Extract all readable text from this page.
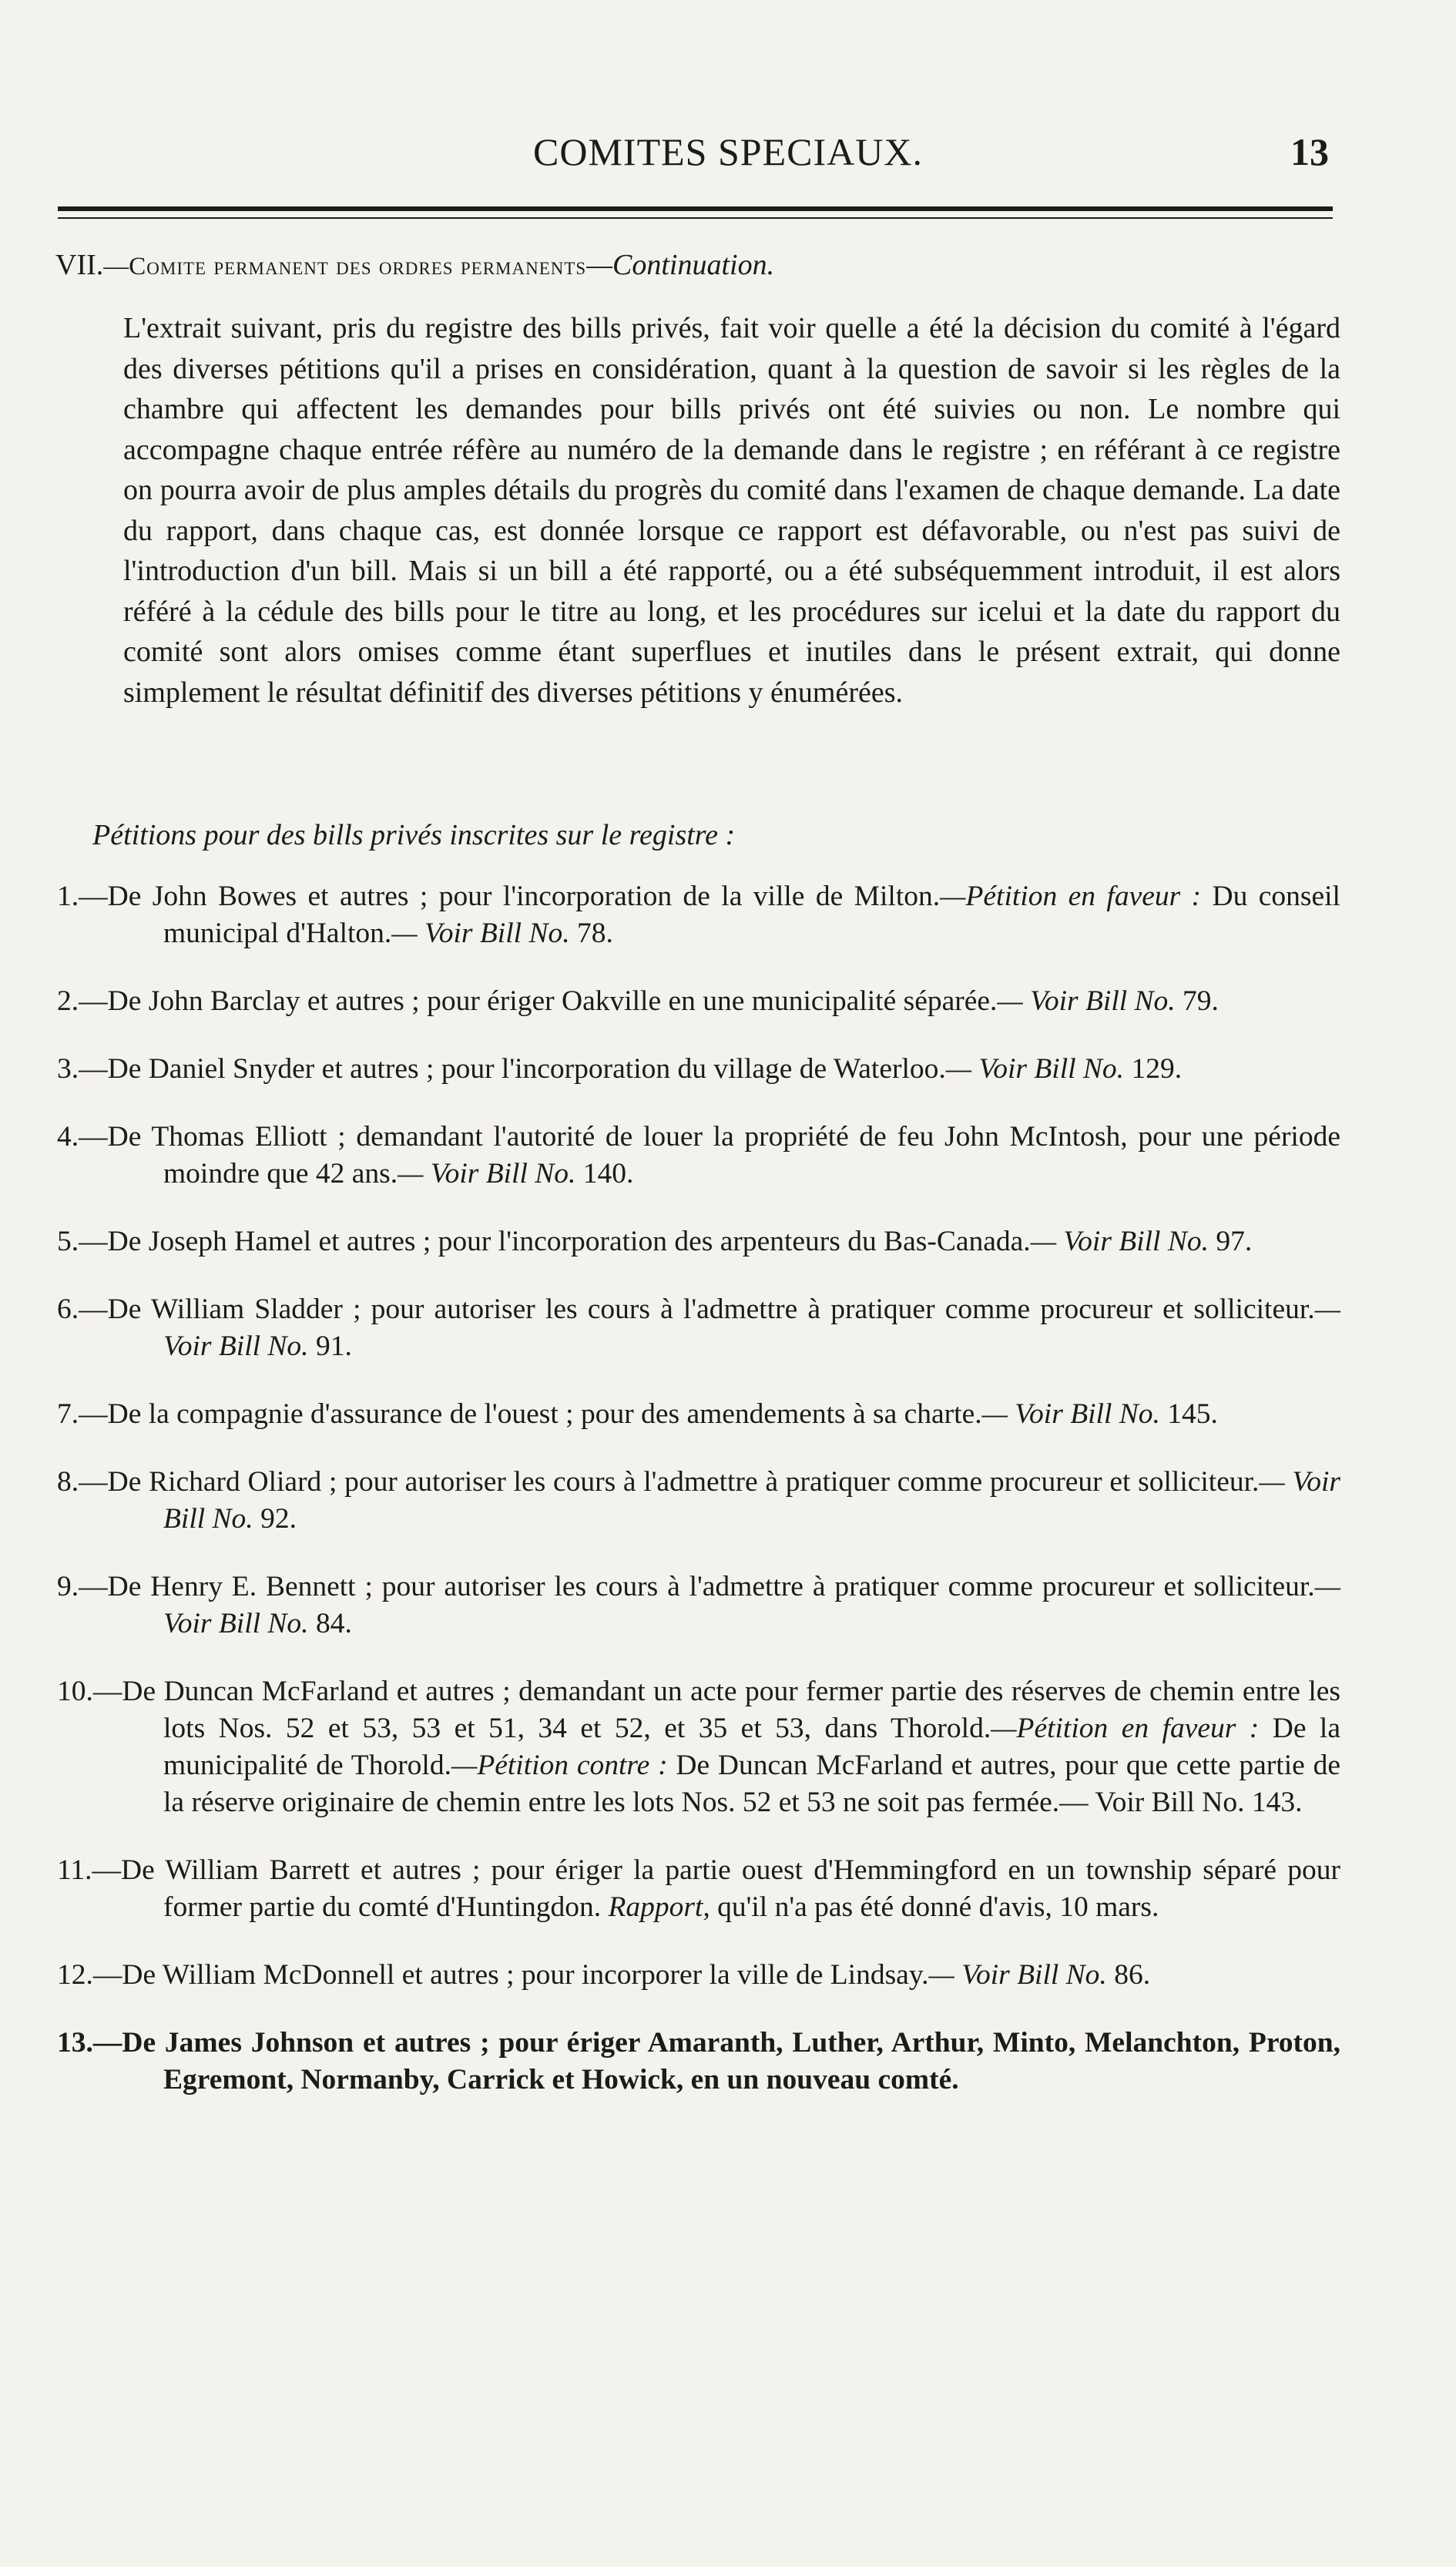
COMITES SPECIAUX.	13
VII.—Comite permanent des ordres permanents—Continuation.
L'extrait suivant, pris du registre des bills privés, fait voir quelle a été la décision du comité à l'égard des diverses pétitions qu'il a prises en considération, quant à la question de savoir si les règles de la chambre qui affectent les demandes pour bills privés ont été suivies ou non. Le nombre qui accompagne chaque entrée réfère au numéro de la demande dans le registre ; en référant à ce registre on pourra avoir de plus amples détails du progrès du comité dans l'examen de chaque demande. La date du rapport, dans chaque cas, est donnée lorsque ce rapport est défavorable, ou n'est pas suivi de l'introduction d'un bill. Mais si un bill a été rapporté, ou a été subséquemment introduit, il est alors référé à la cédule des bills pour le titre au long, et les procédures sur icelui et la date du rapport du comité sont alors omises comme étant superflues et inutiles dans le présent extrait, qui donne simplement le résultat définitif des diverses pétitions y énumérées.
Pétitions pour des bills privés inscrites sur le registre :
1.—De John Bowes et autres ; pour l'incorporation de la ville de Milton.—Pétition en faveur : Du conseil municipal d'Halton.— Voir Bill No. 78.
2.—De John Barclay et autres ; pour ériger Oakville en une municipalité séparée.— Voir Bill No. 79.
3.—De Daniel Snyder et autres ; pour l'incorporation du village de Waterloo.— Voir Bill No. 129.
4.—De Thomas Elliott ; demandant l'autorité de louer la propriété de feu John McIntosh, pour une période moindre que 42 ans.— Voir Bill No. 140.
5.—De Joseph Hamel et autres ; pour l'incorporation des arpenteurs du Bas-Canada.— Voir Bill No. 97.
6.—De William Sladder ; pour autoriser les cours à l'admettre à pratiquer comme procureur et solliciteur.— Voir Bill No. 91.
7.—De la compagnie d'assurance de l'ouest ; pour des amendements à sa charte.— Voir Bill No. 145.
8.—De Richard Oliard ; pour autoriser les cours à l'admettre à pratiquer comme procureur et solliciteur.— Voir Bill No. 92.
9.—De Henry E. Bennett ; pour autoriser les cours à l'admettre à pratiquer comme procureur et solliciteur.— Voir Bill No. 84.
10.—De Duncan McFarland et autres ; demandant un acte pour fermer partie des réserves de chemin entre les lots Nos. 52 et 53, 53 et 51, 34 et 52, et 35 et 53, dans Thorold.—Pétition en faveur : De la municipalité de Thorold.—Pétition contre : De Duncan McFarland et autres, pour que cette partie de la réserve originaire de chemin entre les lots Nos. 52 et 53 ne soit pas fermée.— Voir Bill No. 143.
11.—De William Barrett et autres ; pour ériger la partie ouest d'Hemmingford en un township séparé pour former partie du comté d'Huntingdon. Rapport, qu'il n'a pas été donné d'avis, 10 mars.
12.—De William McDonnell et autres ; pour incorporer la ville de Lindsay.— Voir Bill No. 86.
13.—De James Johnson et autres ; pour ériger Amaranth, Luther, Arthur, Minto, Melanchton, Proton, Egremont, Normanby, Carrick et Howick, en un nouveau comté.
